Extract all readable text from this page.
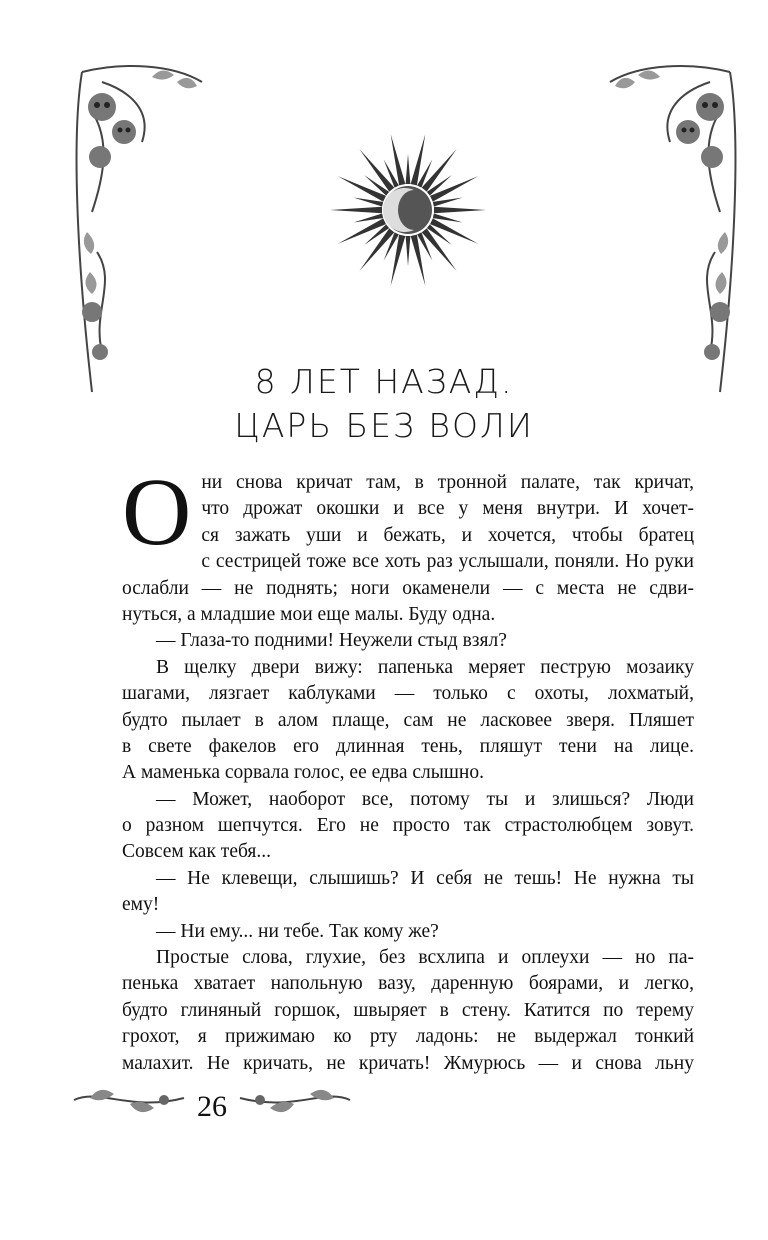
8 ЛЕТ НАЗАД.
ЦАРЬ БЕЗ ВОЛИ
О ни снова кричат там, в тронной палате, так кричат,
что дрожат окошки и все у меня внутри. И хочет-
ся зажать уши и бежать, и хочется, чтобы братец
с сестрицей тоже все хоть раз услышали, поняли. Но руки
ослабли — не поднять; ноги окаменели — с места не сдви-
нуться, а младшие мои еще малы. Буду одна.
— Глаза-то подними! Неужели стыд взял?
В щелку двери вижу: папенька меряет пеструю мозаику
шагами, лязгает каблуками — только с охоты, лохматый,
будто пылает в алом плаще, сам не ласковее зверя. Пляшет
в свете факелов его длинная тень, пляшут тени на лице.
А маменька сорвала голос, ее едва слышно.
— Может, наоборот все, потому ты и злишься? Люди
о разном шепчутся. Его не просто так страстолюбцем зовут.
Совсем как тебя...
— Не клевещи, слышишь? И себя не тешь! Не нужна ты
ему!
— Ни ему... ни тебе. Так кому же?
Простые слова, глухие, без всхлипа и оплеухи — но па-
пенька хватает напольную вазу, даренную боярами, и легко,
будто глиняный горшок, швыряет в стену. Катится по терему
грохот, я прижимаю ко рту ладонь: не выдержал тонкий
малахит. Не кричать, не кричать! Жмурюсь — и снова льну
26
